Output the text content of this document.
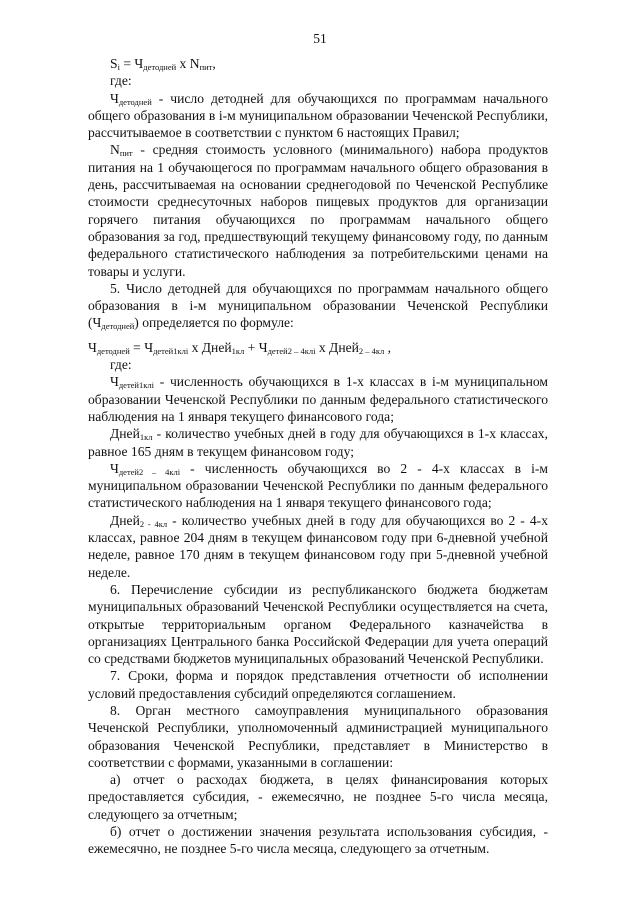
51

$S_i = Ч_{детодней}$ х $N_{пит}$,

где:

$Ч_{детодней}$ - число детодней для обучающихся по программам начального общего образования в i-м муниципальном образовании Чеченской Республики, рассчитываемое в соответствии с пунктом 6 настоящих Правил;

$N_{пит}$ - средняя стоимость условного (минимального) набора продуктов питания на 1 обучающегося по программам начального общего образования в день, рассчитываемая на основании среднегодовой по Чеченской Республике стоимости среднесуточных наборов пищевых продуктов для организации горячего питания обучающихся по программам начального общего образования за год, предшествующий текущему финансовому году, по данным федерального статистического наблюдения за потребительскими ценами на товары и услуги.

5. Число детодней для обучающихся по программам начального общего образования в i-м муниципальном образовании Чеченской Республики $(Ч_{детодней})$ определяется по формуле:

$Ч_{детодней} = Ч_{детей1клi}$ х Дней$_{1кл}$ + $Ч_{детей2 - 4клi}$ х Дней$_{2 - 4кл}$ ,

где:

$Ч_{детей1клi}$ - численность обучающихся в 1-х классах в i-м муниципальном образовании Чеченской Республики по данным федерального статистического наблюдения на 1 января текущего финансового года;

Дней$_{1кл}$ - количество учебных дней в году для обучающихся в 1-х классах, равное 165 дням в текущем финансовом году;

$Ч_{детей2 - 4клi}$ - численность обучающихся во 2 - 4-х классах в i-м муниципальном образовании Чеченской Республики по данным федерального статистического наблюдения на 1 января текущего финансового года;

Дней$_{2 - 4кл}$ - количество учебных дней в году для обучающихся во 2 - 4-х классах, равное 204 дням в текущем финансовом году при 6-дневной учебной неделе, равное 170 дням в текущем финансовом году при 5-дневной учебной неделе.

6. Перечисление субсидии из республиканского бюджета бюджетам муниципальных образований Чеченской Республики осуществляется на счета, открытые территориальным органом Федерального казначейства в организациях Центрального банка Российской Федерации для учета операций со средствами бюджетов муниципальных образований Чеченской Республики.

7. Сроки, форма и порядок представления отчетности об исполнении условий предоставления субсидий определяются соглашением.

8. Орган местного самоуправления муниципального образования Чеченской Республики, уполномоченный администрацией муниципального образования Чеченской Республики, представляет в Министерство в соответствии с формами, указанными в соглашении:

а) отчет о расходах бюджета, в целях финансирования которых предоставляется субсидия, - ежемесячно, не позднее 5-го числа месяца, следующего за отчетным;

б) отчет о достижении значения результата использования субсидия, - ежемесячно, не позднее 5-го числа месяца, следующего за отчетным.
